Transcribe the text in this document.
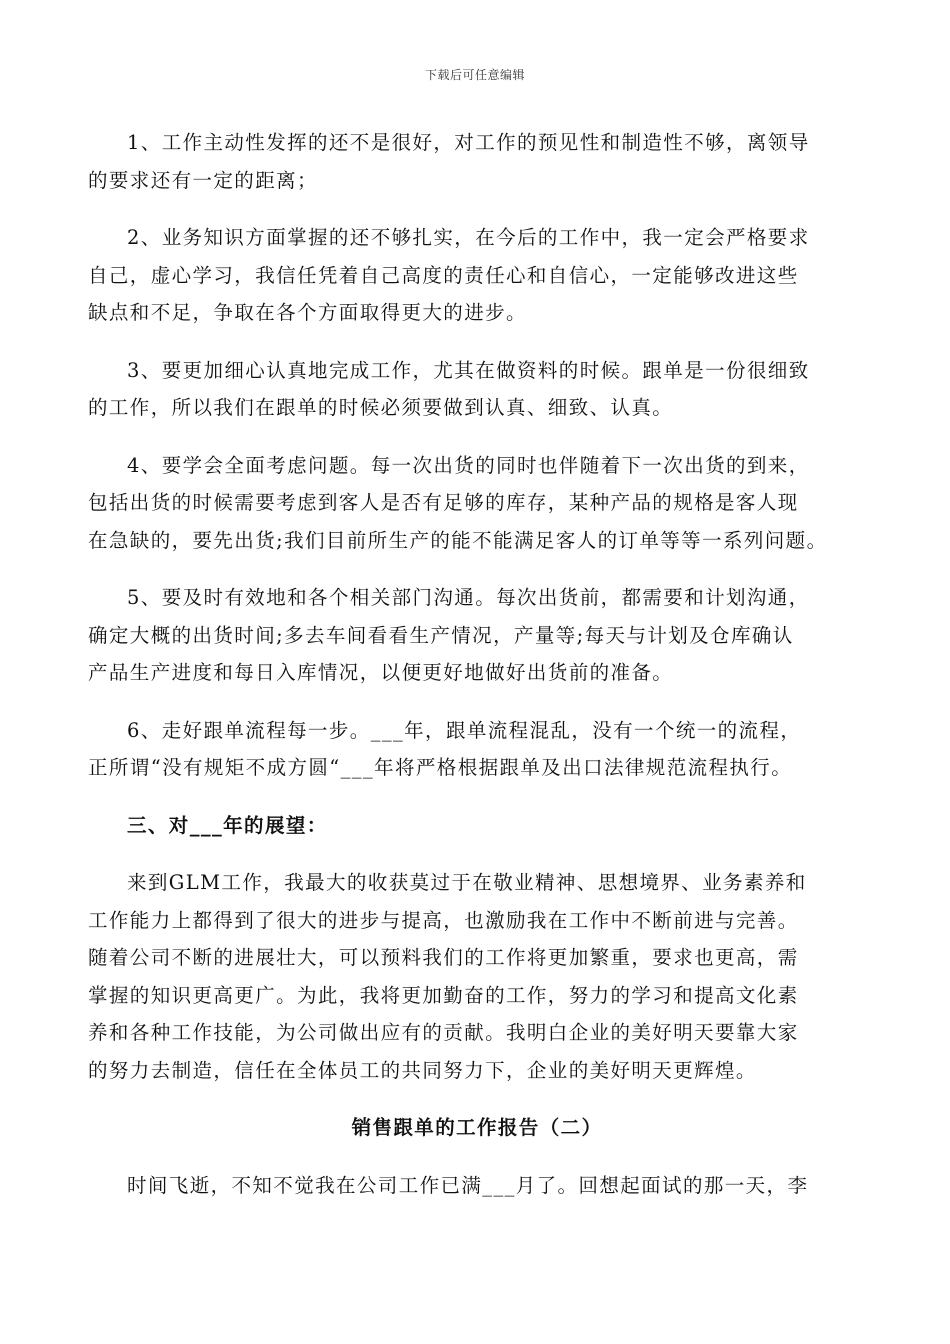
下载后可任意编辑
1、工作主动性发挥的还不是很好，对工作的预见性和制造性不够，离领导
的要求还有一定的距离；
2、业务知识方面掌握的还不够扎实，在今后的工作中，我一定会严格要求
自己，虚心学习，我信任凭着自己高度的责任心和自信心，一定能够改进这些
缺点和不足，争取在各个方面取得更大的进步。
3、要更加细心认真地完成工作，尤其在做资料的时候。跟单是一份很细致
的工作，所以我们在跟单的时候必须要做到认真、细致、认真。
4、要学会全面考虑问题。每一次出货的同时也伴随着下一次出货的到来，
包括出货的时候需要考虑到客人是否有足够的库存，某种产品的规格是客人现
在急缺的，要先出货;我们目前所生产的能不能满足客人的订单等等一系列问题。
5、要及时有效地和各个相关部门沟通。每次出货前，都需要和计划沟通，
确定大概的出货时间;多去车间看看生产情况，产量等;每天与计划及仓库确认
产品生产进度和每日入库情况，以便更好地做好出货前的准备。
6、走好跟单流程每一步。___年，跟单流程混乱，没有一个统一的流程，
正所谓“没有规矩不成方圆“___年将严格根据跟单及出口法律规范流程执行。
三、对___年的展望：
来到GLM工作，我最大的收获莫过于在敬业精神、思想境界、业务素养和
工作能力上都得到了很大的进步与提高，也激励我在工作中不断前进与完善。
随着公司不断的进展壮大，可以预料我们的工作将更加繁重，要求也更高，需
掌握的知识更高更广。为此，我将更加勤奋的工作，努力的学习和提高文化素
养和各种工作技能，为公司做出应有的贡献。我明白企业的美好明天要靠大家
的努力去制造，信任在全体员工的共同努力下，企业的美好明天更辉煌。
销售跟单的工作报告（二）
时间飞逝，不知不觉我在公司工作已满___月了。回想起面试的那一天，李
